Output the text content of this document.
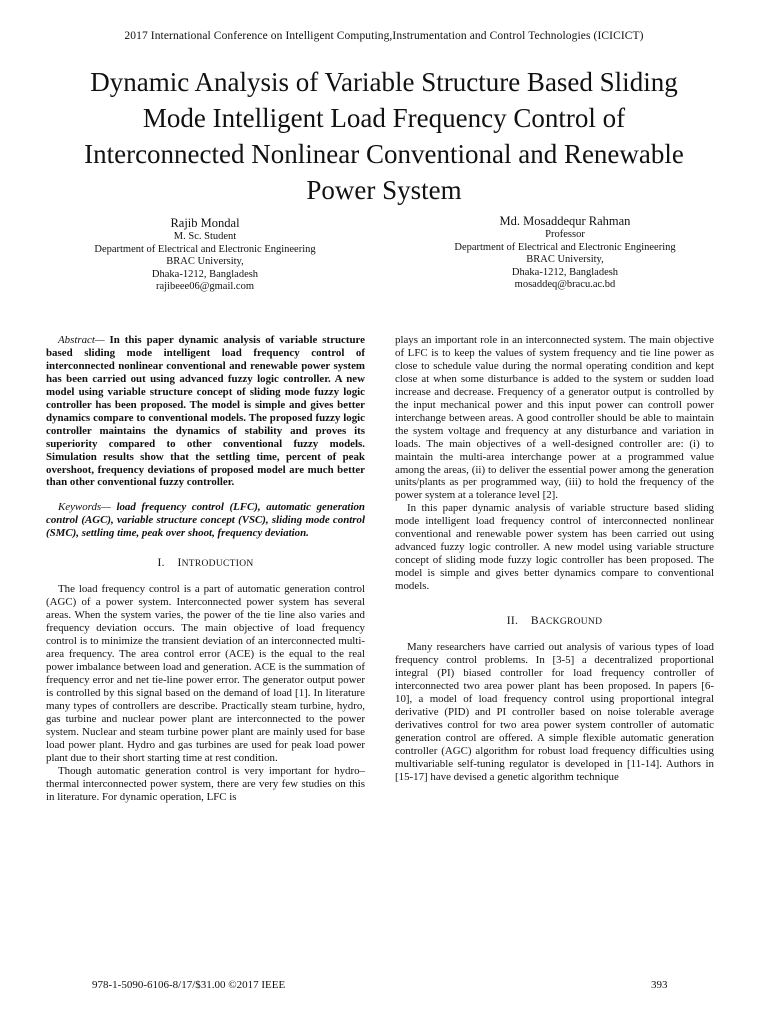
2017 International Conference on Intelligent Computing,Instrumentation and Control Technologies (ICICICT)
Dynamic Analysis of Variable Structure Based Sliding Mode Intelligent Load Frequency Control of Interconnected Nonlinear Conventional and Renewable Power System
Rajib Mondal
M. Sc. Student
Department of Electrical and Electronic Engineering
BRAC University,
Dhaka-1212, Bangladesh
rajibeee06@gmail.com
Md. Mosaddequr Rahman
Professor
Department of Electrical and Electronic Engineering
BRAC University,
Dhaka-1212, Bangladesh
mosaddeq@bracu.ac.bd

Abstract— In this paper dynamic analysis of variable structure based sliding mode intelligent load frequency control of interconnected nonlinear conventional and renewable power system has been carried out using advanced fuzzy logic controller. A new model using variable structure concept of sliding mode fuzzy logic controller has been proposed. The model is simple and gives better dynamics compare to conventional models. The proposed fuzzy logic controller maintains the dynamics of stability and proves its superiority compared to other conventional fuzzy models. Simulation results show that the settling time, percent of peak overshoot, frequency deviations of proposed model are much better than other conventional fuzzy controller.

Keywords— load frequency control (LFC), automatic generation control (AGC), variable structure concept (VSC), sliding mode control (SMC), settling time, peak over shoot, frequency deviation.

I. INTRODUCTION

The load frequency control is a part of automatic generation control (AGC) of a power system. Interconnected power system has several areas. When the system varies, the power of the tie line also varies and frequency deviation occurs. The main objective of load frequency control is to minimize the transient deviation of an interconnected multi-area frequency. The area control error (ACE) is the equal to the real power imbalance between load and generation. ACE is the summation of frequency error and net tie-line power error. The generator output power is controlled by this signal based on the demand of load [1]. In literature many types of controllers are describe. Practically steam turbine, hydro, gas turbine and nuclear power plant are interconnected to the power system. Nuclear and steam turbine power plant are mainly used for base load power plant. Hydro and gas turbines are used for peak load power plant due to their short starting time at rest condition.

Though automatic generation control is very important for hydro–thermal interconnected power system, there are very few studies on this in literature. For dynamic operation, LFC is

plays an important role in an interconnected system. The main objective of LFC is to keep the values of system frequency and tie line power as close to schedule value during the normal operating condition and kept close at when some disturbance is added to the system or sudden load increase and decrease. Frequency of a generator output is controlled by the input mechanical power and this input power can controll power interchange between areas. A good controller should be able to maintain the system voltage and frequency at any disturbance and variation in loads. The main objectives of a well-designed controller are: (i) to maintain the multi-area interchange power at a programmed value among the areas, (ii) to deliver the essential power among the generation units/plants as per programmed way, (iii) to hold the frequency of the power system at a tolerance level [2].

In this paper dynamic analysis of variable structure based sliding mode intelligent load frequency control of interconnected nonlinear conventional and renewable power system has been carried out using advanced fuzzy logic controller. A new model using variable structure concept of sliding mode fuzzy logic controller has been proposed. The model is simple and gives better dynamics compare to conventional models.

II. BACKGROUND

Many researchers have carried out analysis of various types of load frequency control problems. In [3-5] a decentralized proportional integral (PI) biased controller for load frequency controller of interconnected two area power plant has been proposed. In papers [6-10], a model of load frequency control using proportional integral derivative (PID) and PI controller based on noise tolerable average derivatives control for two area power system controller of automatic generation control are offered. A simple flexible automatic generation controller (AGC) algorithm for robust load frequency difficulties using multivariable self-tuning regulator is developed in [11-14]. Authors in [15-17] have devised a genetic algorithm technique

978-1-5090-6106-8/17/$31.00 ©2017 IEEE	393
